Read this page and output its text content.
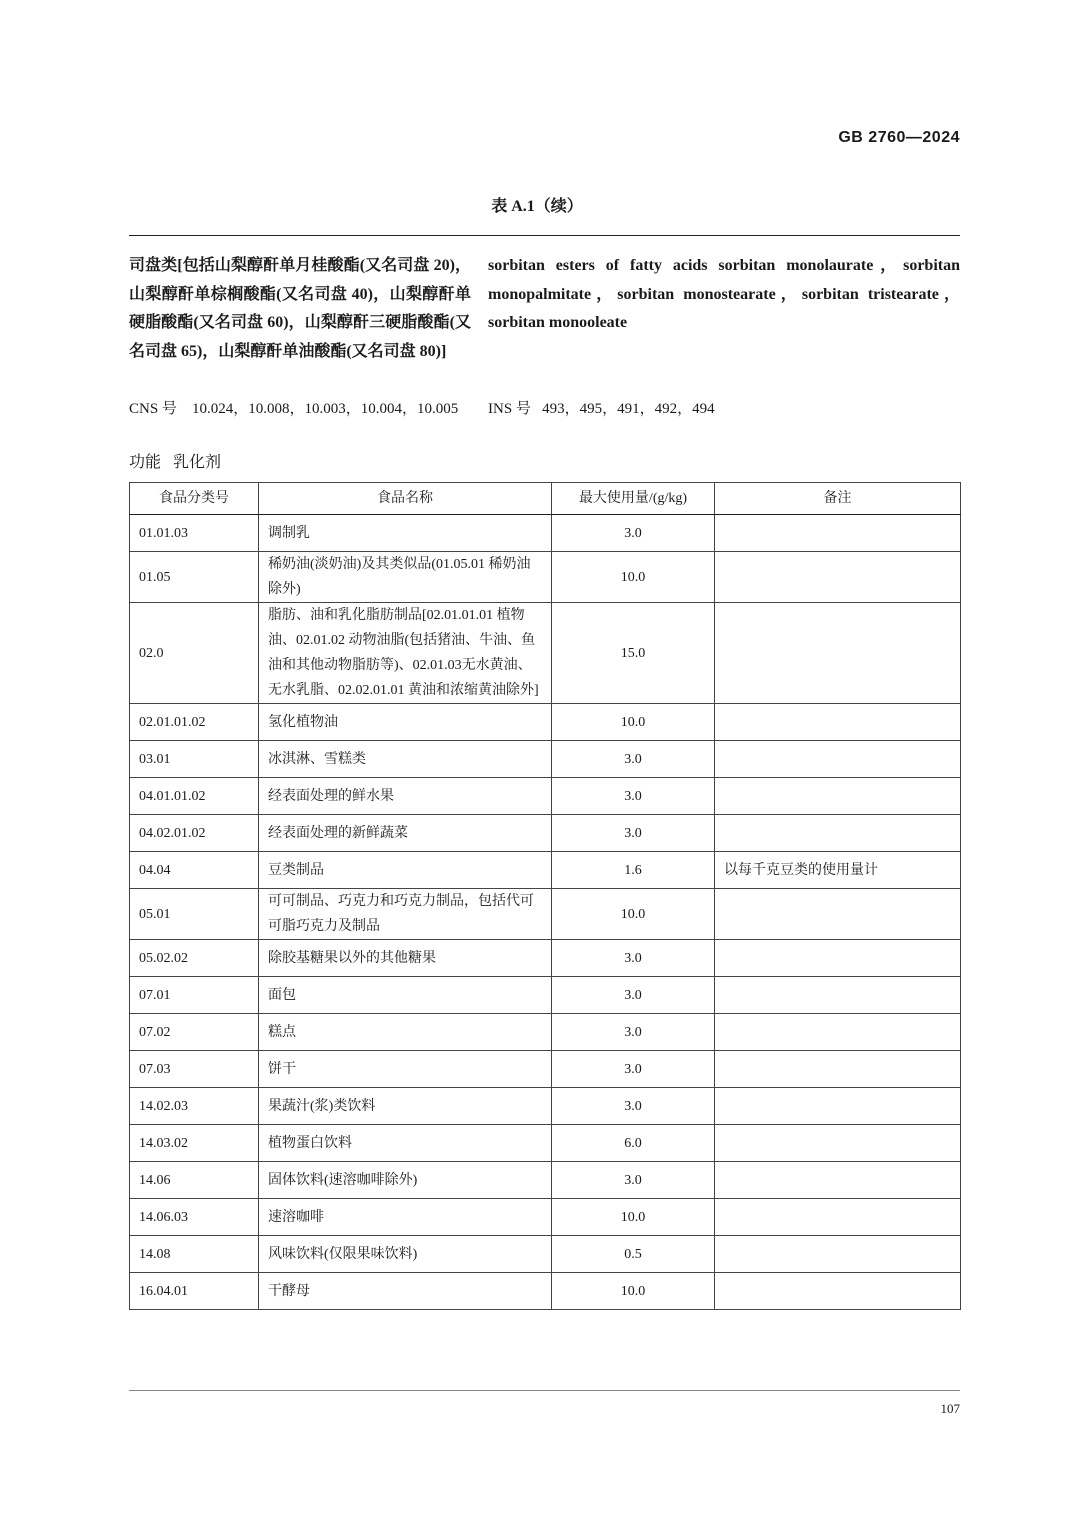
GB 2760—2024
表 A.1（续）
司盘类[包括山梨醇酐单月桂酸酯(又名司盘 20)，山梨醇酐单棕榈酸酯(又名司盘 40)，山梨醇酐单硬脂酸酯(又名司盘 60)，山梨醇酐三硬脂酸酯(又名司盘 65)，山梨醇酐单油酸酯(又名司盘 80)]
sorbitan esters of fatty acids sorbitan monolaurate，sorbitan monopalmitate，sorbitan monostearate，sorbitan tristearate，sorbitan monooleate
CNS 号 10.024，10.008，10.003，10.004，10.005	INS 号 493，495，491，492，494
功能 乳化剂
食品分类号	食品名称	最大使用量/(g/kg)	备注
01.01.03	调制乳	3.0	
01.05	稀奶油(淡奶油)及其类似品(01.05.01 稀奶油除外)	10.0	
02.0	脂肪、油和乳化脂肪制品[02.01.01.01 植物油、02.01.02 动物油脂(包括猪油、牛油、鱼油和其他动物脂肪等)、02.01.03无水黄油、无水乳脂、02.02.01.01 黄油和浓缩黄油除外]	15.0	
02.01.01.02	氢化植物油	10.0	
03.01	冰淇淋、雪糕类	3.0	
04.01.01.02	经表面处理的鲜水果	3.0	
04.02.01.02	经表面处理的新鲜蔬菜	3.0	
04.04	豆类制品	1.6	以每千克豆类的使用量计
05.01	可可制品、巧克力和巧克力制品，包括代可可脂巧克力及制品	10.0	
05.02.02	除胶基糖果以外的其他糖果	3.0	
07.01	面包	3.0	
07.02	糕点	3.0	
07.03	饼干	3.0	
14.02.03	果蔬汁(浆)类饮料	3.0	
14.03.02	植物蛋白饮料	6.0	
14.06	固体饮料(速溶咖啡除外)	3.0	
14.06.03	速溶咖啡	10.0	
14.08	风味饮料(仅限果味饮料)	0.5	
16.04.01	干酵母	10.0	
107
